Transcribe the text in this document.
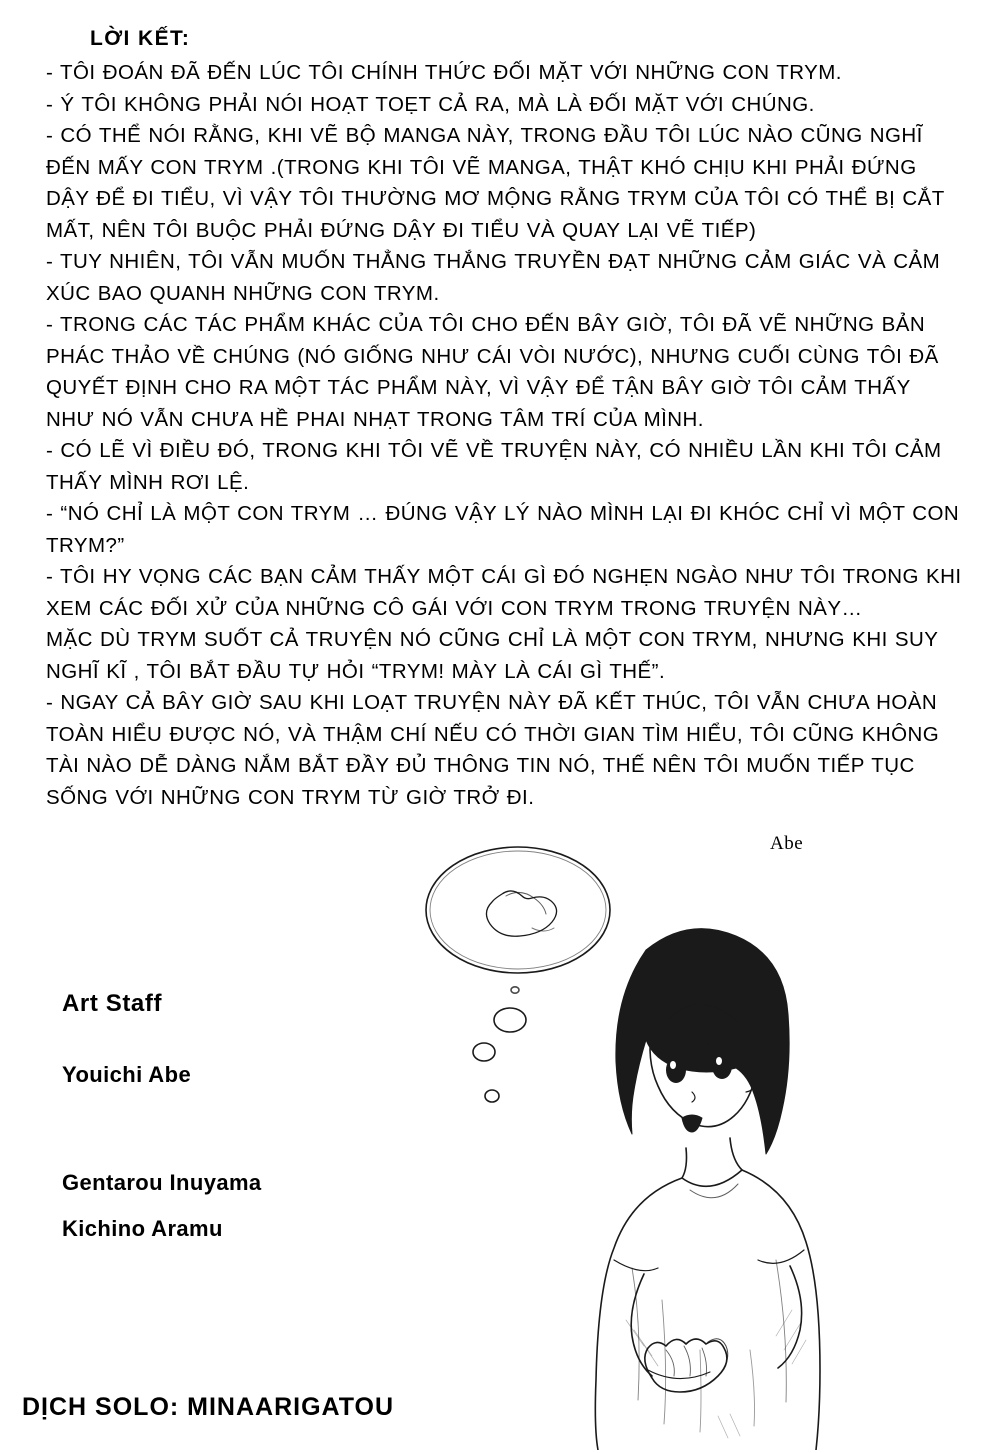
LỜI KẾT:

- TÔI ĐOÁN ĐÃ ĐẾN LÚC TÔI CHÍNH THỨC ĐỐI MẶT VỚI NHỮNG CON TRYM.

- Ý TÔI KHÔNG PHẢI NÓI HOẠT TOẸT CẢ RA, MÀ LÀ ĐỐI MẶT VỚI CHÚNG.

- CÓ THỂ NÓI RẰNG, KHI VẼ BỘ MANGA NÀY, TRONG ĐẦU TÔI LÚC NÀO CŨNG NGHĨ ĐẾN MẤY CON TRYM .(TRONG KHI TÔI VẼ MANGA, THẬT KHÓ CHỊU KHI PHẢI ĐỨNG DẬY ĐỂ ĐI TIỂU, VÌ VẬY TÔI THƯỜNG MƠ MỘNG RẰNG TRYM CỦA TÔI CÓ THỂ BỊ CẮT MẤT, NÊN TÔI BUỘC PHẢI ĐỨNG DẬY ĐI TIỂU VÀ QUAY LẠI VẼ TIẾP)

- TUY NHIÊN, TÔI VẪN MUỐN THẲNG THẮNG TRUYỀN ĐẠT NHỮNG CẢM GIÁC VÀ CẢM XÚC BAO QUANH NHỮNG CON TRYM.

- TRONG CÁC TÁC PHẨM KHÁC CỦA TÔI CHO ĐẾN BÂY GIỜ, TÔI ĐÃ VẼ NHỮNG BẢN PHÁC THẢO VỀ CHÚNG (NÓ GIỐNG NHƯ CÁI VÒI NƯỚC), NHƯNG CUỐI CÙNG TÔI ĐÃ QUYẾT ĐỊNH CHO RA MỘT TÁC PHẨM NÀY, VÌ VẬY ĐỂ TẬN BÂY GIỜ TÔI CẢM THẤY NHƯ NÓ VẪN CHƯA HỀ PHAI NHẠT TRONG TÂM TRÍ CỦA MÌNH.

- CÓ LẼ VÌ ĐIỀU ĐÓ, TRONG KHI TÔI VẼ VỀ TRUYỆN NÀY, CÓ NHIỀU LẦN KHI TÔI CẢM THẤY MÌNH RƠI LỆ.

- “NÓ CHỈ LÀ MỘT CON TRYM … ĐÚNG VẬY LÝ NÀO MÌNH LẠI ĐI KHÓC CHỈ VÌ MỘT CON TRYM?”

- TÔI HY VỌNG CÁC BẠN CẢM THẤY MỘT CÁI GÌ ĐÓ NGHẸN NGÀO NHƯ TÔI TRONG KHI XEM CÁC ĐỐI XỬ CỦA NHỮNG CÔ GÁI VỚI CON TRYM TRONG TRUYỆN NÀY…

MẶC DÙ TRYM SUỐT CẢ TRUYỆN NÓ CŨNG CHỈ LÀ MỘT CON TRYM, NHƯNG KHI SUY NGHĨ KĨ , TÔI BẮT ĐẦU TỰ HỎI “TRYM! MÀY LÀ CÁI GÌ THẾ”.

- NGAY CẢ BÂY GIỜ SAU KHI LOẠT TRUYỆN NÀY ĐÃ KẾT THÚC, TÔI VẪN CHƯA HOÀN TOÀN HIỂU ĐƯỢC NÓ, VÀ THẬM CHÍ NẾU CÓ THỜI GIAN TÌM HIỂU, TÔI CŨNG KHÔNG TÀI NÀO DỄ DÀNG NẮM BẮT ĐẦY ĐỦ THÔNG TIN NÓ, THẾ NÊN TÔI MUỐN TIẾP TỤC SỐNG VỚI NHỮNG CON TRYM TỪ GIỜ TRỞ ĐI.

Abe
Art Staff
Youichi Abe
Gentarou Inuyama
Kichino Aramu
DỊCH SOLO: MINAARIGATOU
